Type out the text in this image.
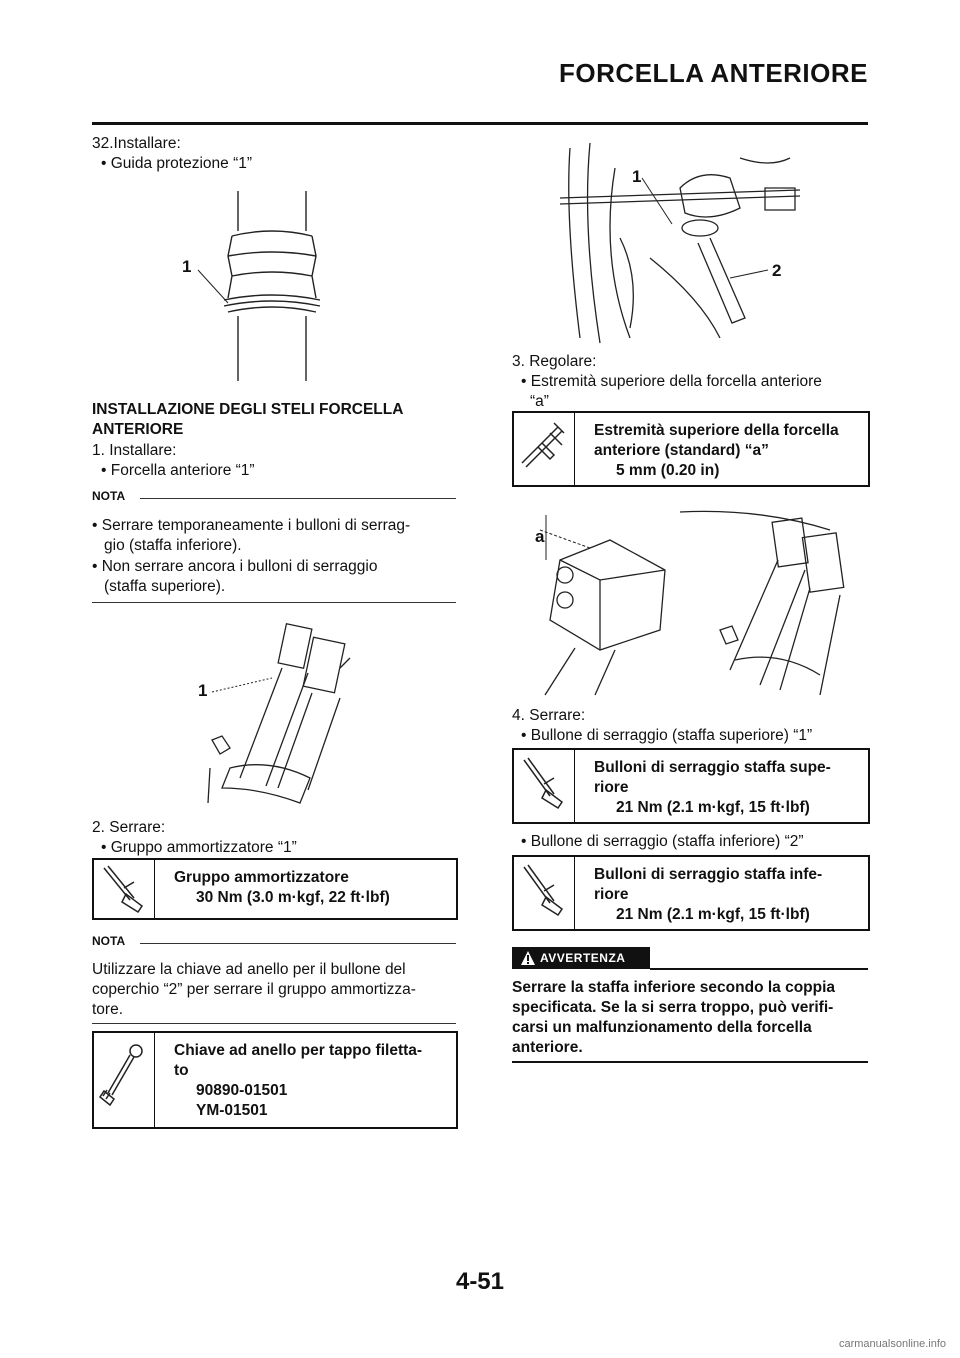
FORCELLA ANTERIORE
32.Installare:
• Guida protezione “1”
1
INSTALLAZIONE DEGLI STELI FORCELLA
ANTERIORE
1. Installare:
• Forcella anteriore “1”
NOTA
• Serrare temporaneamente i bulloni di serrag-
gio (staffa inferiore).
• Non serrare ancora i bulloni di serraggio
(staffa superiore).
1
2. Serrare:
• Gruppo ammortizzatore “1”
Gruppo ammortizzatore
30 Nm (3.0 m·kgf, 22 ft·lbf)
NOTA
Utilizzare la chiave ad anello per il bullone del
coperchio “2” per serrare il gruppo ammortizza-
tore.
Chiave ad anello per tappo filetta-
to
90890-01501
YM-01501
1
2
3. Regolare:
• Estremità superiore della forcella anteriore
“a”
Estremità superiore della forcella
anteriore (standard) “a”
5 mm (0.20 in)
a
4. Serrare:
• Bullone di serraggio (staffa superiore) “1”
Bulloni di serraggio staffa supe-
riore
21 Nm (2.1 m·kgf, 15 ft·lbf)
• Bullone di serraggio (staffa inferiore) “2”
Bulloni di serraggio staffa infe-
riore
21 Nm (2.1 m·kgf, 15 ft·lbf)
AVVERTENZA
Serrare la staffa inferiore secondo la coppia
specificata. Se la si serra troppo, può verifi-
carsi un malfunzionamento della forcella
anteriore.
4-51
carmanualsonline.info
